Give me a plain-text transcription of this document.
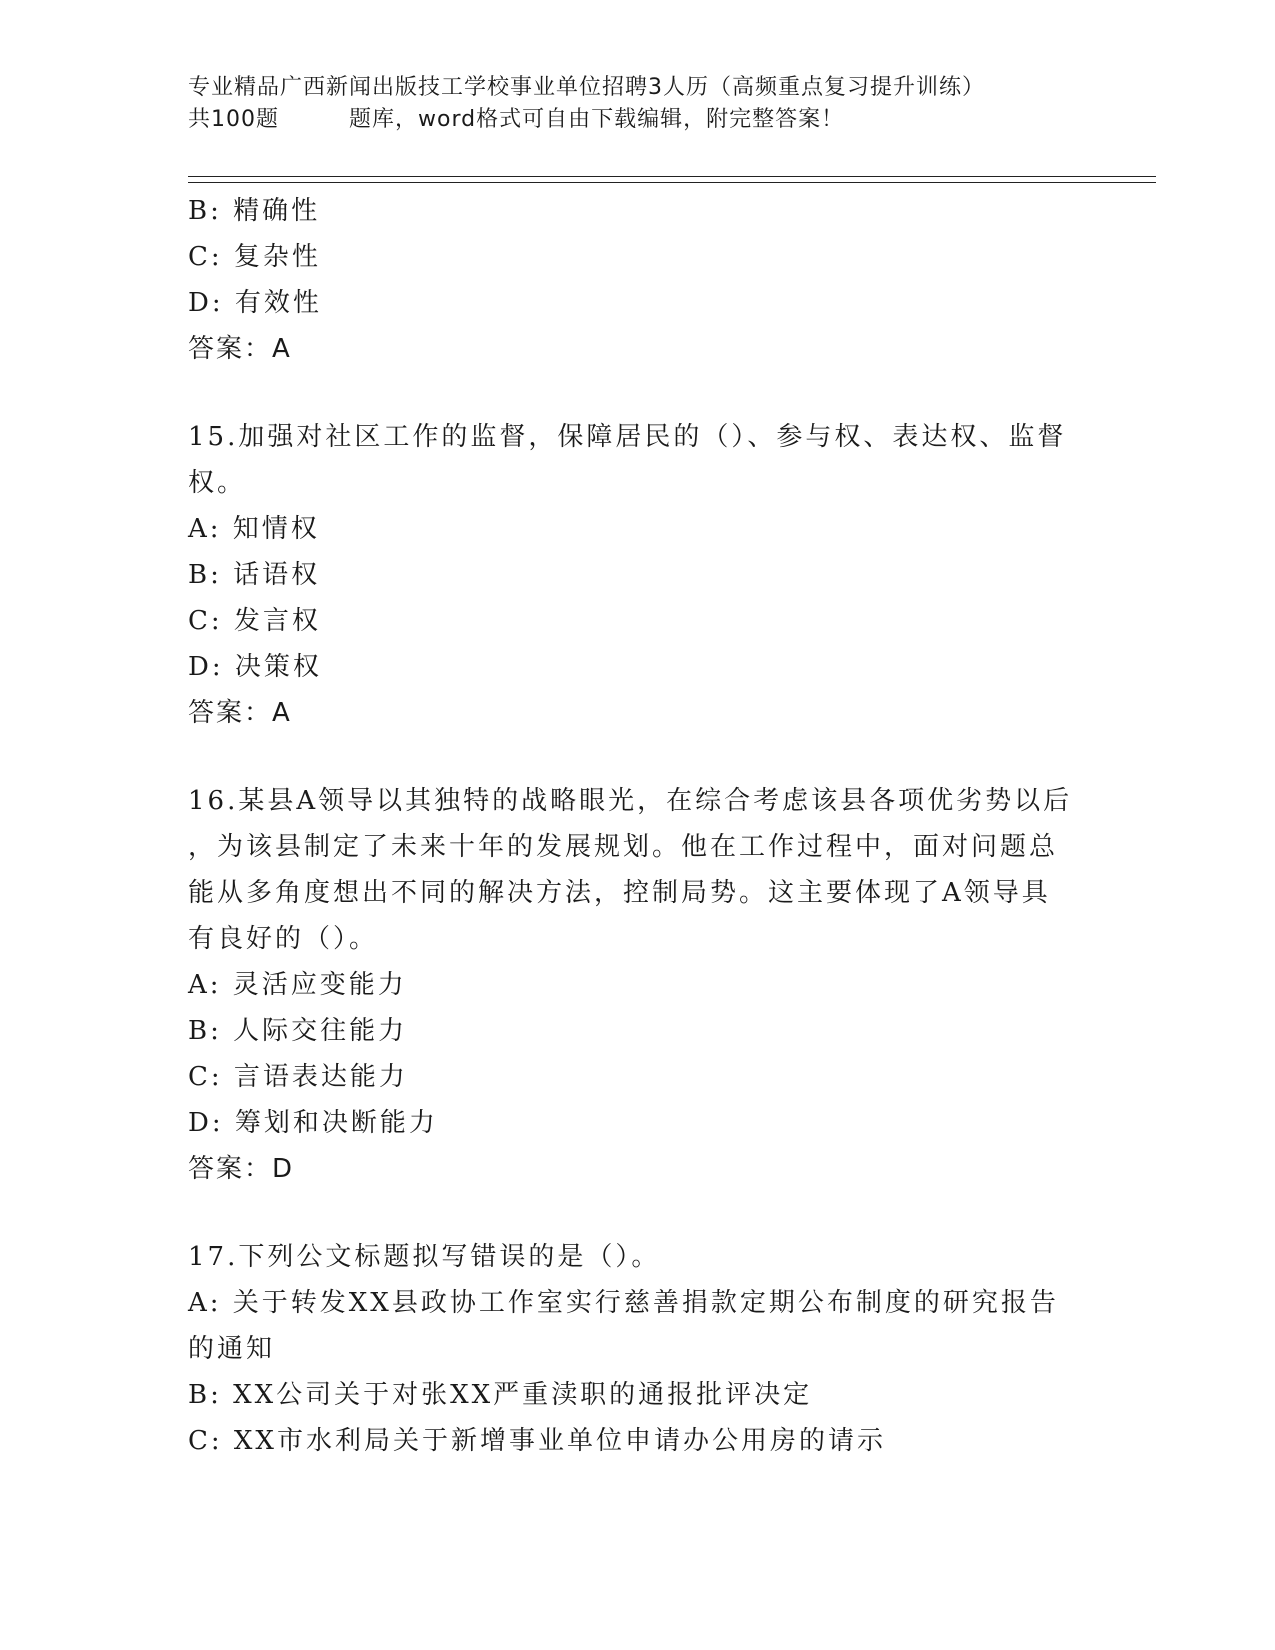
专业精品广西新闻出版技工学校事业单位招聘3人历（高频重点复习提升训练）
共100题	题库，word格式可自由下载编辑，附完整答案！
B: 精确性
C: 复杂性
D: 有效性
答案：A
15.加强对社区工作的监督，保障居民的（）、参与权、表达权、监督
权。
A: 知情权
B: 话语权
C: 发言权
D: 决策权
答案：A
16.某县A领导以其独特的战略眼光，在综合考虑该县各项优劣势以后
，为该县制定了未来十年的发展规划。他在工作过程中，面对问题总
能从多角度想出不同的解决方法，控制局势。这主要体现了A领导具
有良好的（）。
A: 灵活应变能力
B: 人际交往能力
C: 言语表达能力
D: 筹划和决断能力
答案：D
17.下列公文标题拟写错误的是（）。
A: 关于转发XX县政协工作室实行慈善捐款定期公布制度的研究报告
的通知
B: XX公司关于对张XX严重渎职的通报批评决定
C: XX市水利局关于新增事业单位申请办公用房的请示
